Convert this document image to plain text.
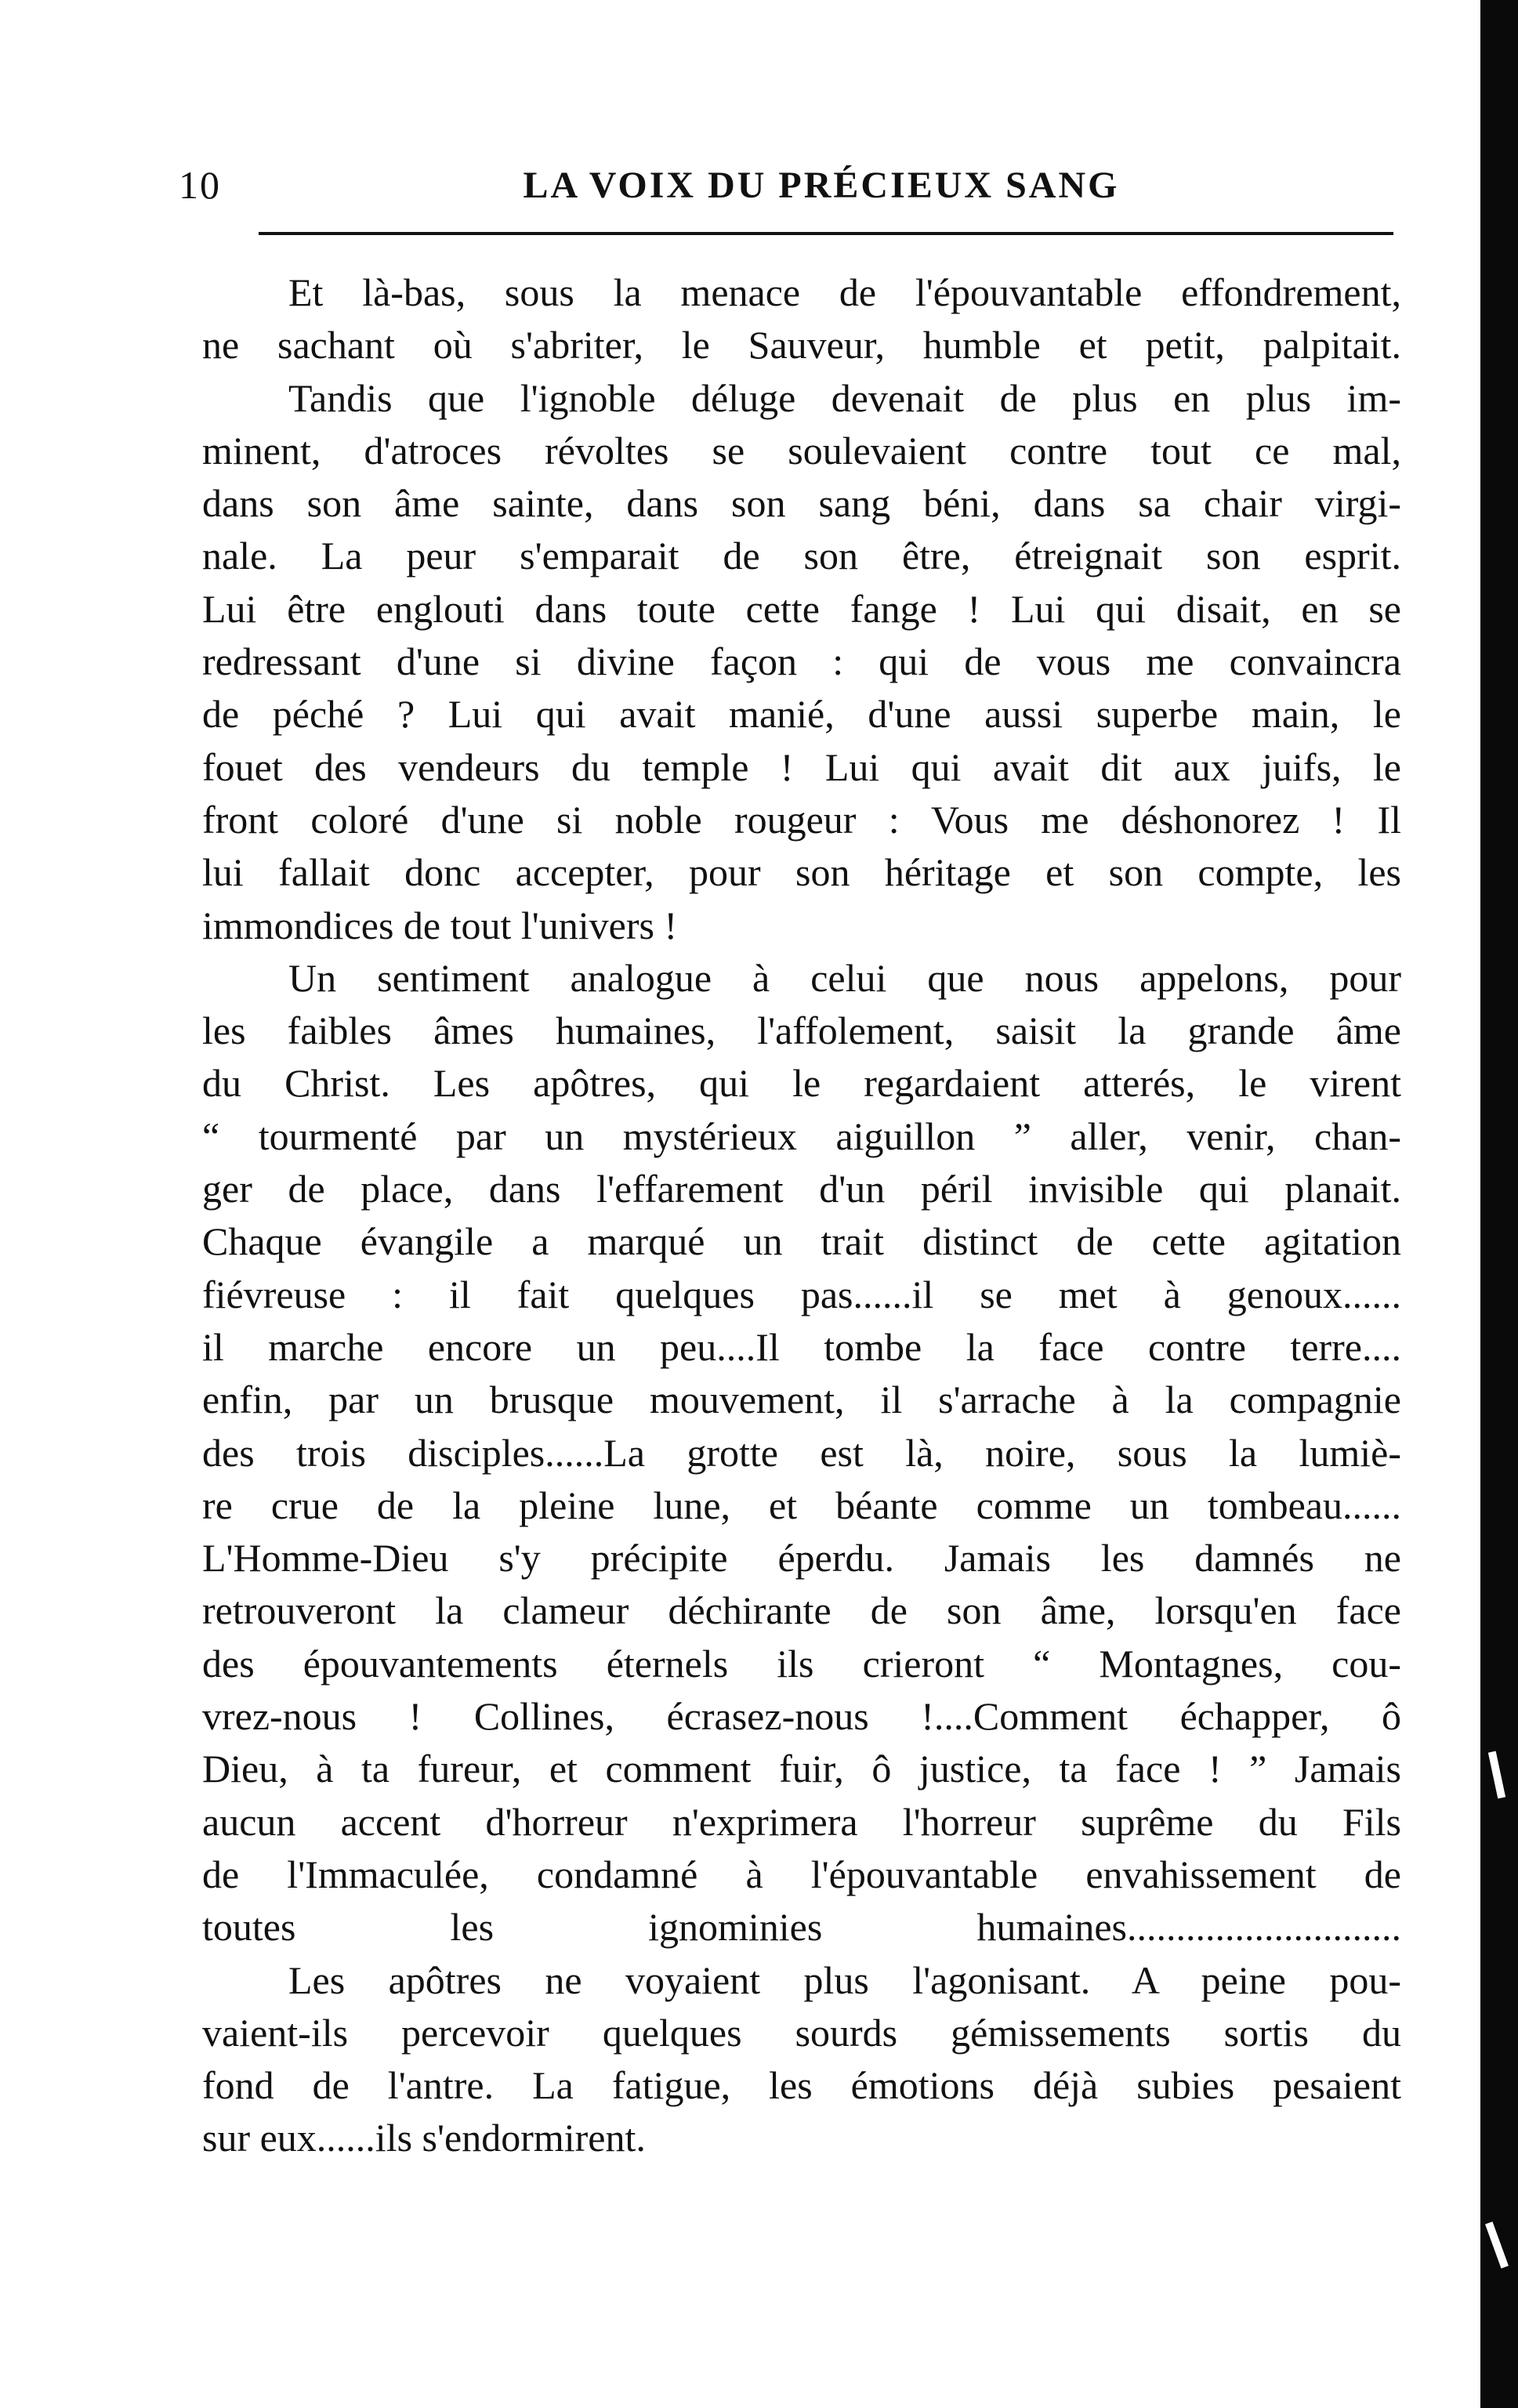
10	LA VOIX DU PRÉCIEUX SANG
Et là-bas, sous la menace de l'épouvantable effondrement,
ne sachant où s'abriter, le Sauveur, humble et petit, palpitait.
Tandis que l'ignoble déluge devenait de plus en plus im-
minent, d'atroces révoltes se soulevaient contre tout ce mal,
dans son âme sainte, dans son sang béni, dans sa chair virgi-
nale. La peur s'emparait de son être, étreignait son esprit.
Lui être englouti dans toute cette fange ! Lui qui disait, en se
redressant d'une si divine façon : qui de vous me convaincra
de péché ? Lui qui avait manié, d'une aussi superbe main, le
fouet des vendeurs du temple ! Lui qui avait dit aux juifs, le
front coloré d'une si noble rougeur : Vous me déshonorez ! Il
lui fallait donc accepter, pour son héritage et son compte, les
immondices de tout l'univers !
Un sentiment analogue à celui que nous appelons, pour
les faibles âmes humaines, l'affolement, saisit la grande âme
du Christ. Les apôtres, qui le regardaient atterés, le virent
“ tourmenté par un mystérieux aiguillon ” aller, venir, chan-
ger de place, dans l'effarement d'un péril invisible qui planait.
Chaque évangile a marqué un trait distinct de cette agitation
fiévreuse : il fait quelques pas......il se met à genoux......
il marche encore un peu....Il tombe la face contre terre....
enfin, par un brusque mouvement, il s'arrache à la compagnie
des trois disciples......La grotte est là, noire, sous la lumiè-
re crue de la pleine lune, et béante comme un tombeau......
L'Homme-Dieu s'y précipite éperdu. Jamais les damnés ne
retrouveront la clameur déchirante de son âme, lorsqu'en face
des épouvantements éternels ils crieront “ Montagnes, cou-
vrez-nous ! Collines, écrasez-nous !....Comment échapper, ô
Dieu, à ta fureur, et comment fuir, ô justice, ta face ! ” Jamais
aucun accent d'horreur n'exprimera l'horreur suprême du Fils
de l'Immaculée, condamné à l'épouvantable envahissement de
toutes les ignominies humaines............................
Les apôtres ne voyaient plus l'agonisant. A peine pou-
vaient-ils percevoir quelques sourds gémissements sortis du
fond de l'antre. La fatigue, les émotions déjà subies pesaient
sur eux......ils s'endormirent.
